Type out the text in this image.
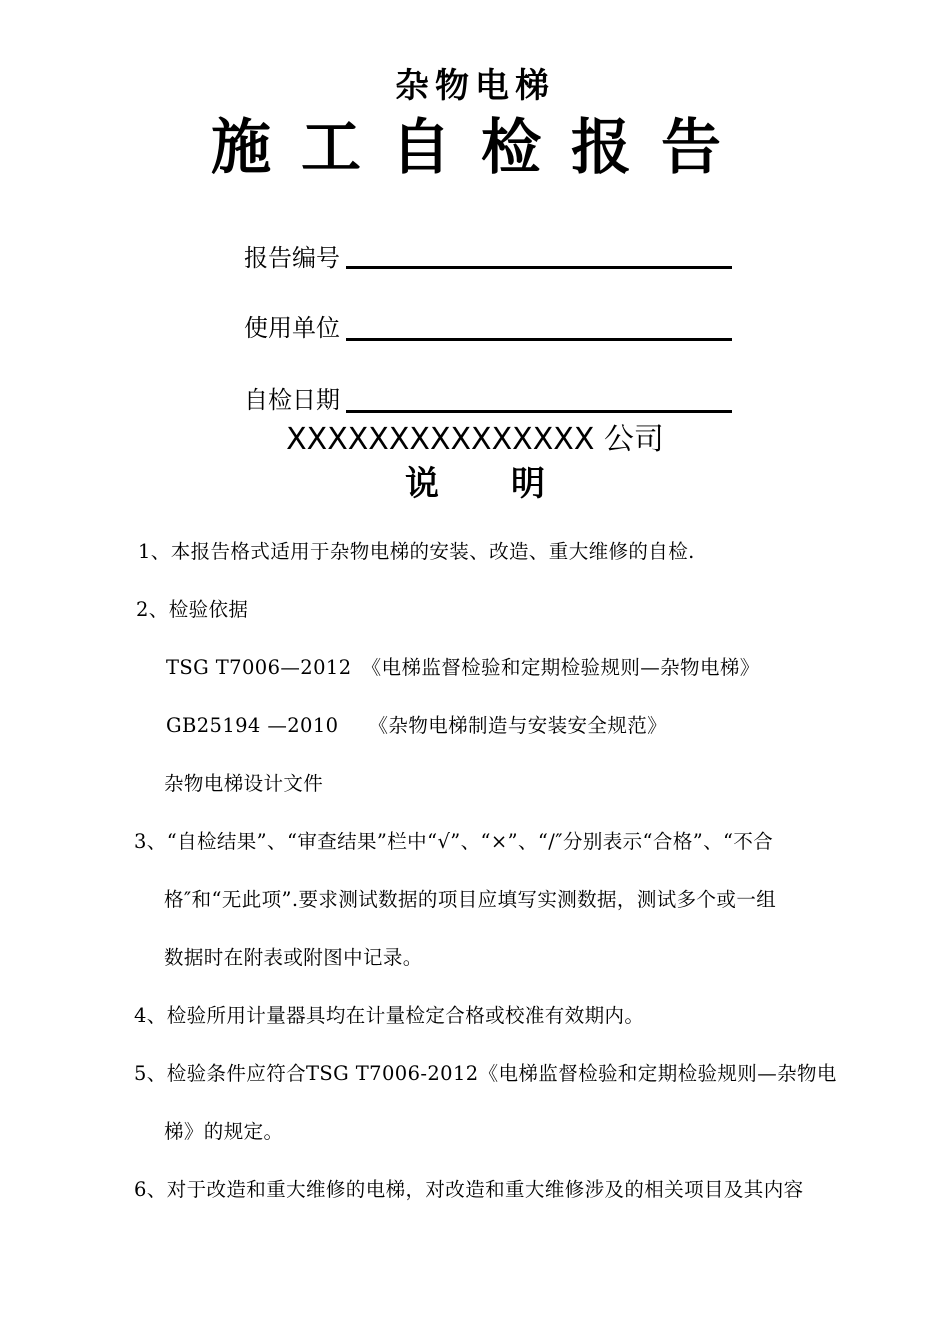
杂物电梯
施工自检报告
报告编号
使用单位
自检日期
XXXXXXXXXXXXXXX 公司
说 明
1、本报告格式适用于杂物电梯的安装、改造、重大维修的自检.
2、检验依据
TSG T7006—2012　《电梯监督检验和定期检验规则—杂物电梯》
GB25194 —2010　　《杂物电梯制造与安装安全规范》
杂物电梯设计文件
3、“自检结果”、“审查结果”栏中“√”、“×”、“/″分别表示“合格”、“不合
格″和“无此项”.要求测试数据的项目应填写实测数据，测试多个或一组
数据时在附表或附图中记录。
4、检验所用计量器具均在计量检定合格或校准有效期内。
5、检验条件应符合TSG T7006-2012《电梯监督检验和定期检验规则—杂物电
梯》的规定。
6、对于改造和重大维修的电梯，对改造和重大维修涉及的相关项目及其内容
